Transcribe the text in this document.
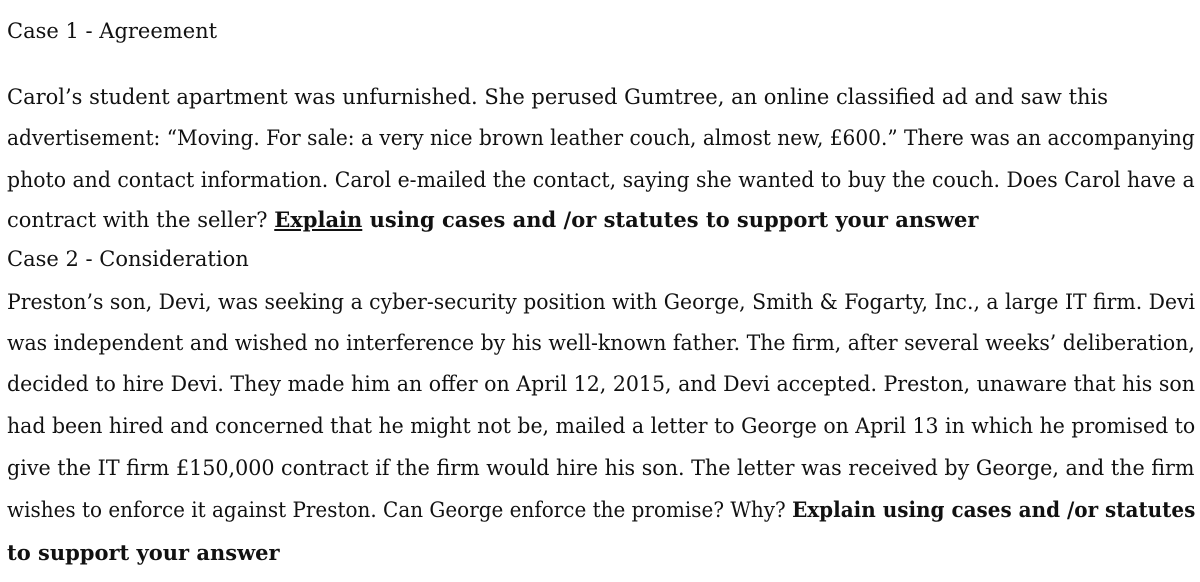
Case 1 - Agreement
Carol’s student apartment was unfurnished. She perused Gumtree, an online classified ad and saw this
advertisement: “Moving. For sale: a very nice brown leather couch, almost new, £600.” There was an accompanying
photo and contact information. Carol e-mailed the contact, saying she wanted to buy the couch. Does Carol have a
contract with the seller? Explain using cases and /or statutes to support your answer
Case 2 - Consideration
Preston’s son, Devi, was seeking a cyber-security position with George, Smith & Fogarty, Inc., a large IT firm. Devi
was independent and wished no interference by his well-known father. The firm, after several weeks’ deliberation,
decided to hire Devi. They made him an offer on April 12, 2015, and Devi accepted. Preston, unaware that his son
had been hired and concerned that he might not be, mailed a letter to George on April 13 in which he promised to
give the IT firm £150,000 contract if the firm would hire his son. The letter was received by George, and the firm
wishes to enforce it against Preston. Can George enforce the promise? Why? Explain using cases and /or statutes
to support your answer
